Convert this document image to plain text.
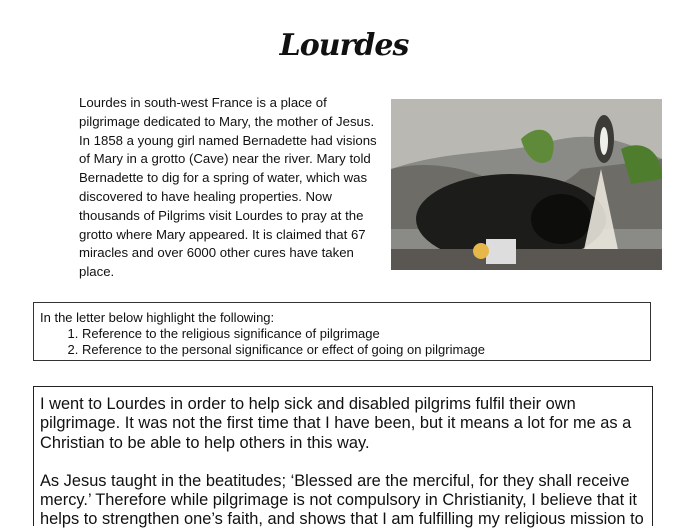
Lourdes
Lourdes in south-west France is a place of pilgrimage dedicated to Mary, the mother of Jesus. In 1858 a young girl named Bernadette had visions of Mary in a grotto (Cave) near the river. Mary told Bernadette to dig for a spring of water, which was discovered to have healing properties. Now thousands of Pilgrims visit Lourdes to pray at the grotto where Mary appeared. It is claimed that 67 miracles and over 6000 other cures have taken place.
In the letter below highlight the following:
1. Reference to the religious significance of pilgrimage
2. Reference to the personal significance or effect of going on pilgrimage

I went to Lourdes in order to help sick and disabled pilgrims fulfil their own pilgrimage. It was not the first time that I have been, but it means a lot for me as a Christian to be able to help others in this way.

As Jesus taught in the beatitudes; ‘Blessed are the merciful, for they shall receive mercy.’ Therefore while pilgrimage is not compulsory in Christianity, I believe that it helps to strengthen one’s faith, and shows that I am fulfilling my religious mission to
